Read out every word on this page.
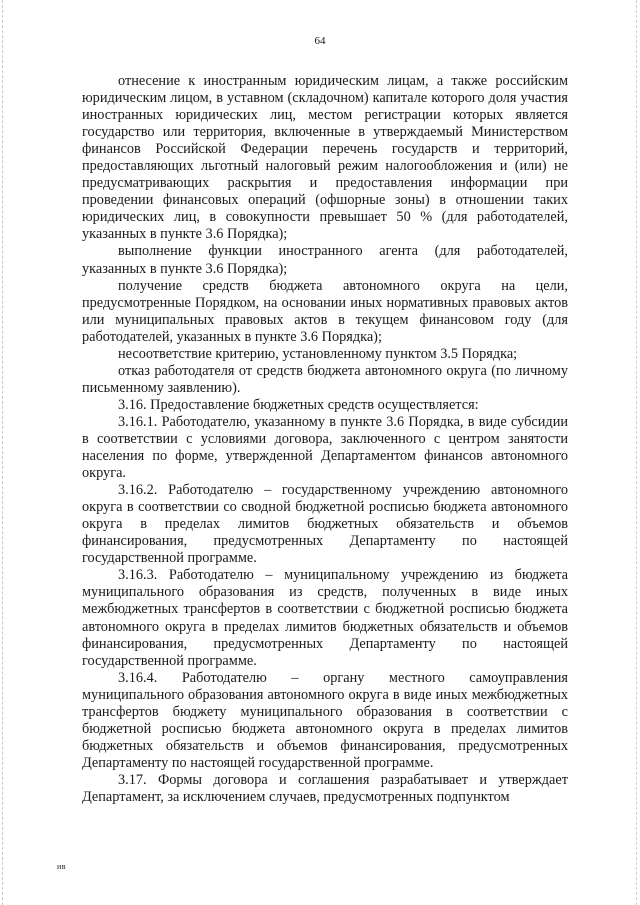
64

отнесение к иностранным юридическим лицам, а также российским юридическим лицом, в уставном (складочном) капитале которого доля участия иностранных юридических лиц, местом регистрации которых является государство или территория, включенные в утверждаемый Министерством финансов Российской Федерации перечень государств и территорий, предоставляющих льготный налоговый режим налогообложения и (или) не предусматривающих раскрытия и предоставления информации при проведении финансовых операций (офшорные зоны) в отношении таких юридических лиц, в совокупности превышает 50 % (для работодателей, указанных в пункте 3.6 Порядка);

выполнение функции иностранного агента (для работодателей, указанных в пункте 3.6 Порядка);

получение средств бюджета автономного округа на цели, предусмотренные Порядком, на основании иных нормативных правовых актов или муниципальных правовых актов в текущем финансовом году (для работодателей, указанных в пункте 3.6 Порядка);

несоответствие критерию, установленному пунктом 3.5 Порядка;

отказ работодателя от средств бюджета автономного округа (по личному письменному заявлению).

3.16. Предоставление бюджетных средств осуществляется:

3.16.1. Работодателю, указанному в пункте 3.6 Порядка, в виде субсидии в соответствии с условиями договора, заключенного с центром занятости населения по форме, утвержденной Департаментом финансов автономного округа.

3.16.2. Работодателю – государственному учреждению автономного округа в соответствии со сводной бюджетной росписью бюджета автономного округа в пределах лимитов бюджетных обязательств и объемов финансирования, предусмотренных Департаменту по настоящей государственной программе.

3.16.3. Работодателю – муниципальному учреждению из бюджета муниципального образования из средств, полученных в виде иных межбюджетных трансфертов в соответствии с бюджетной росписью бюджета автономного округа в пределах лимитов бюджетных обязательств и объемов финансирования, предусмотренных Департаменту по настоящей государственной программе.

3.16.4. Работодателю – органу местного самоуправления муниципального образования автономного округа в виде иных межбюджетных трансфертов бюджету муниципального образования в соответствии с бюджетной росписью бюджета автономного округа в пределах лимитов бюджетных обязательств и объемов финансирования, предусмотренных Департаменту по настоящей государственной программе.

3.17. Формы договора и соглашения разрабатывает и утверждает Департамент, за исключением случаев, предусмотренных подпунктом

ив
